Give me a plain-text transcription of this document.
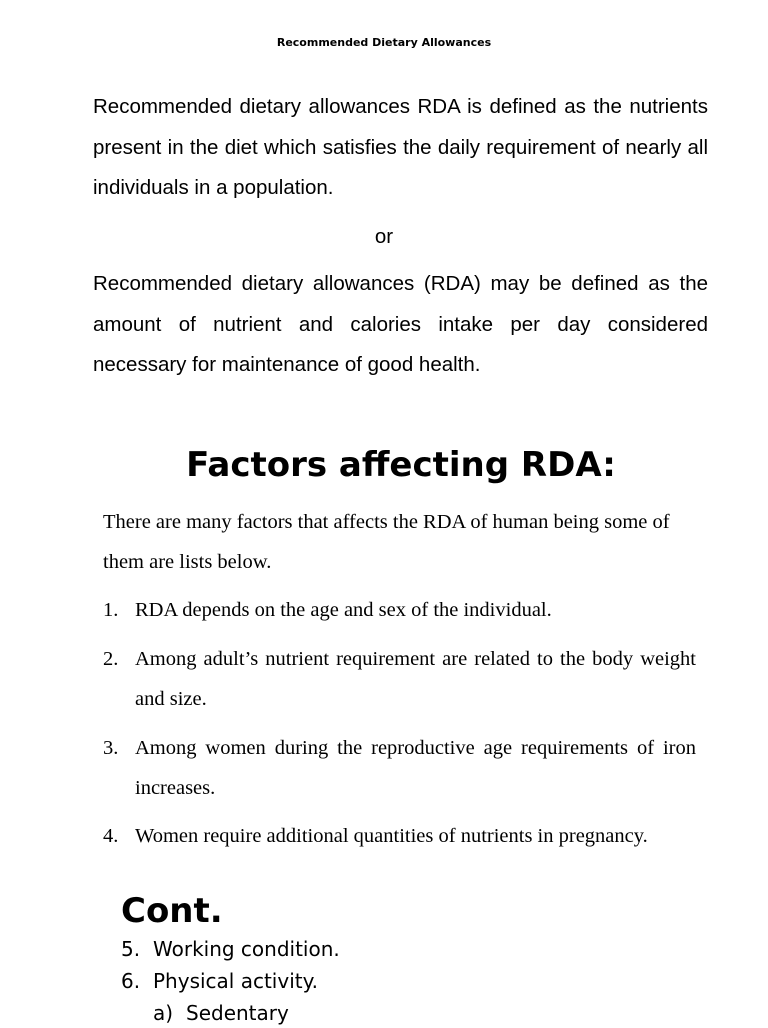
Recommended Dietary Allowances

Recommended dietary allowances RDA is defined as the nutrients present in the diet which satisfies the daily requirement of nearly all individuals in a population.

or

Recommended dietary allowances (RDA) may be defined as the amount of nutrient and calories intake per day considered necessary for maintenance of good health.

Factors affecting RDA:

There are many factors that affects the RDA of human being some of them are lists below.

1. RDA depends on the age and sex of the individual.
2. Among adult’s nutrient requirement are related to the body weight and size.
3. Among women during the reproductive age requirements of iron increases.
4. Women require additional quantities of nutrients in pregnancy.
Cont.
5. Working condition.
6. Physical activity.
a) Sedentary
